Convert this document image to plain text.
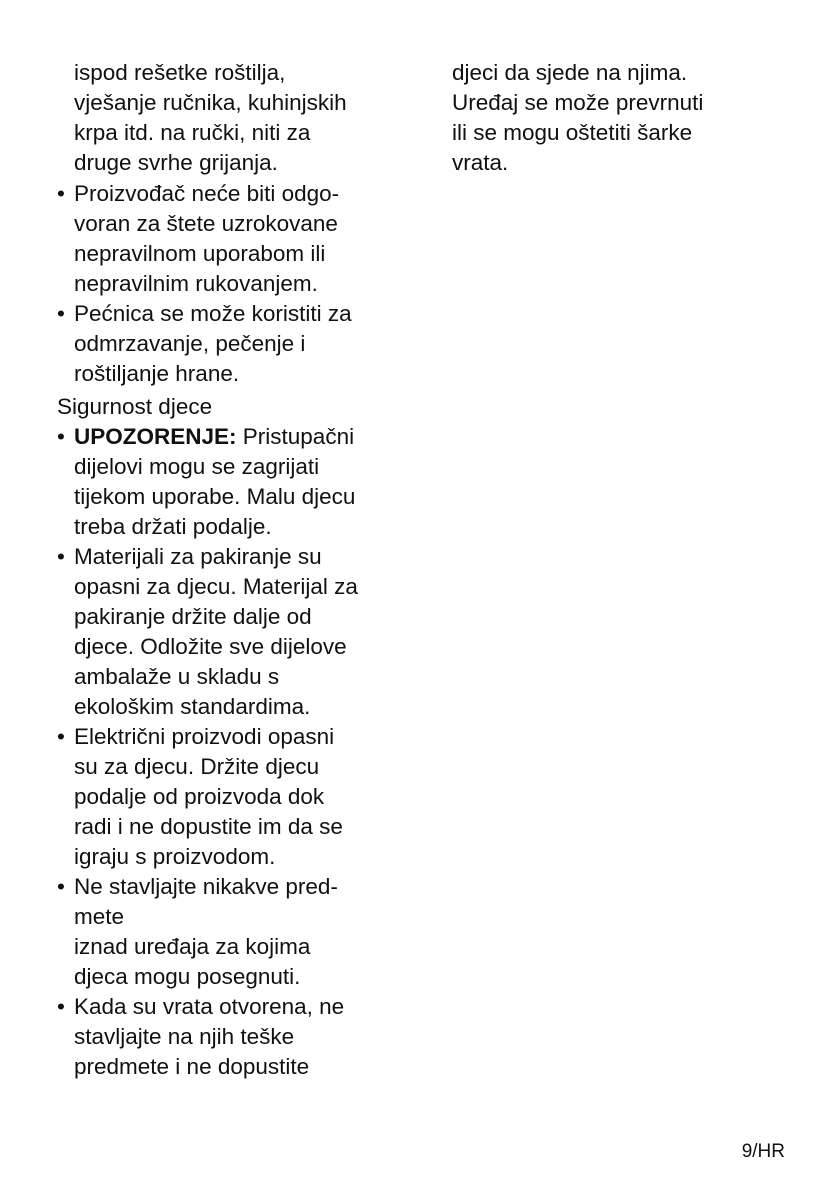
ispod rešetke roštilja,
vješanje ručnika, kuhinjskih
krpa itd. na ručki, niti za
druge svrhe grijanja.
• Proizvođač neće biti odgo-
voran za štete uzrokovane
nepravilnom uporabom ili
nepravilnim rukovanjem.
• Pećnica se može koristiti za
odmrzavanje, pečenje i
roštiljanje hrane.
Sigurnost djece
• UPOZORENJE: Pristupačni
dijelovi mogu se zagrijati
tijekom uporabe. Malu djecu
treba držati podalje.
• Materijali za pakiranje su
opasni za djecu. Materijal za
pakiranje držite dalje od
djece. Odložite sve dijelove
ambalaže u skladu s
ekološkim standardima.
• Električni proizvodi opasni
su za djecu. Držite djecu
podalje od proizvoda dok
radi i ne dopustite im da se
igraju s proizvodom.
• Ne stavljajte nikakve pred-
mete
iznad uređaja za kojima
djeca mogu posegnuti.
• Kada su vrata otvorena, ne
stavljajte na njih teške
predmete i ne dopustite
djeci da sjede na njima.
Uređaj se može prevrnuti
ili se mogu oštetiti šarke
vrata.
9/HR
